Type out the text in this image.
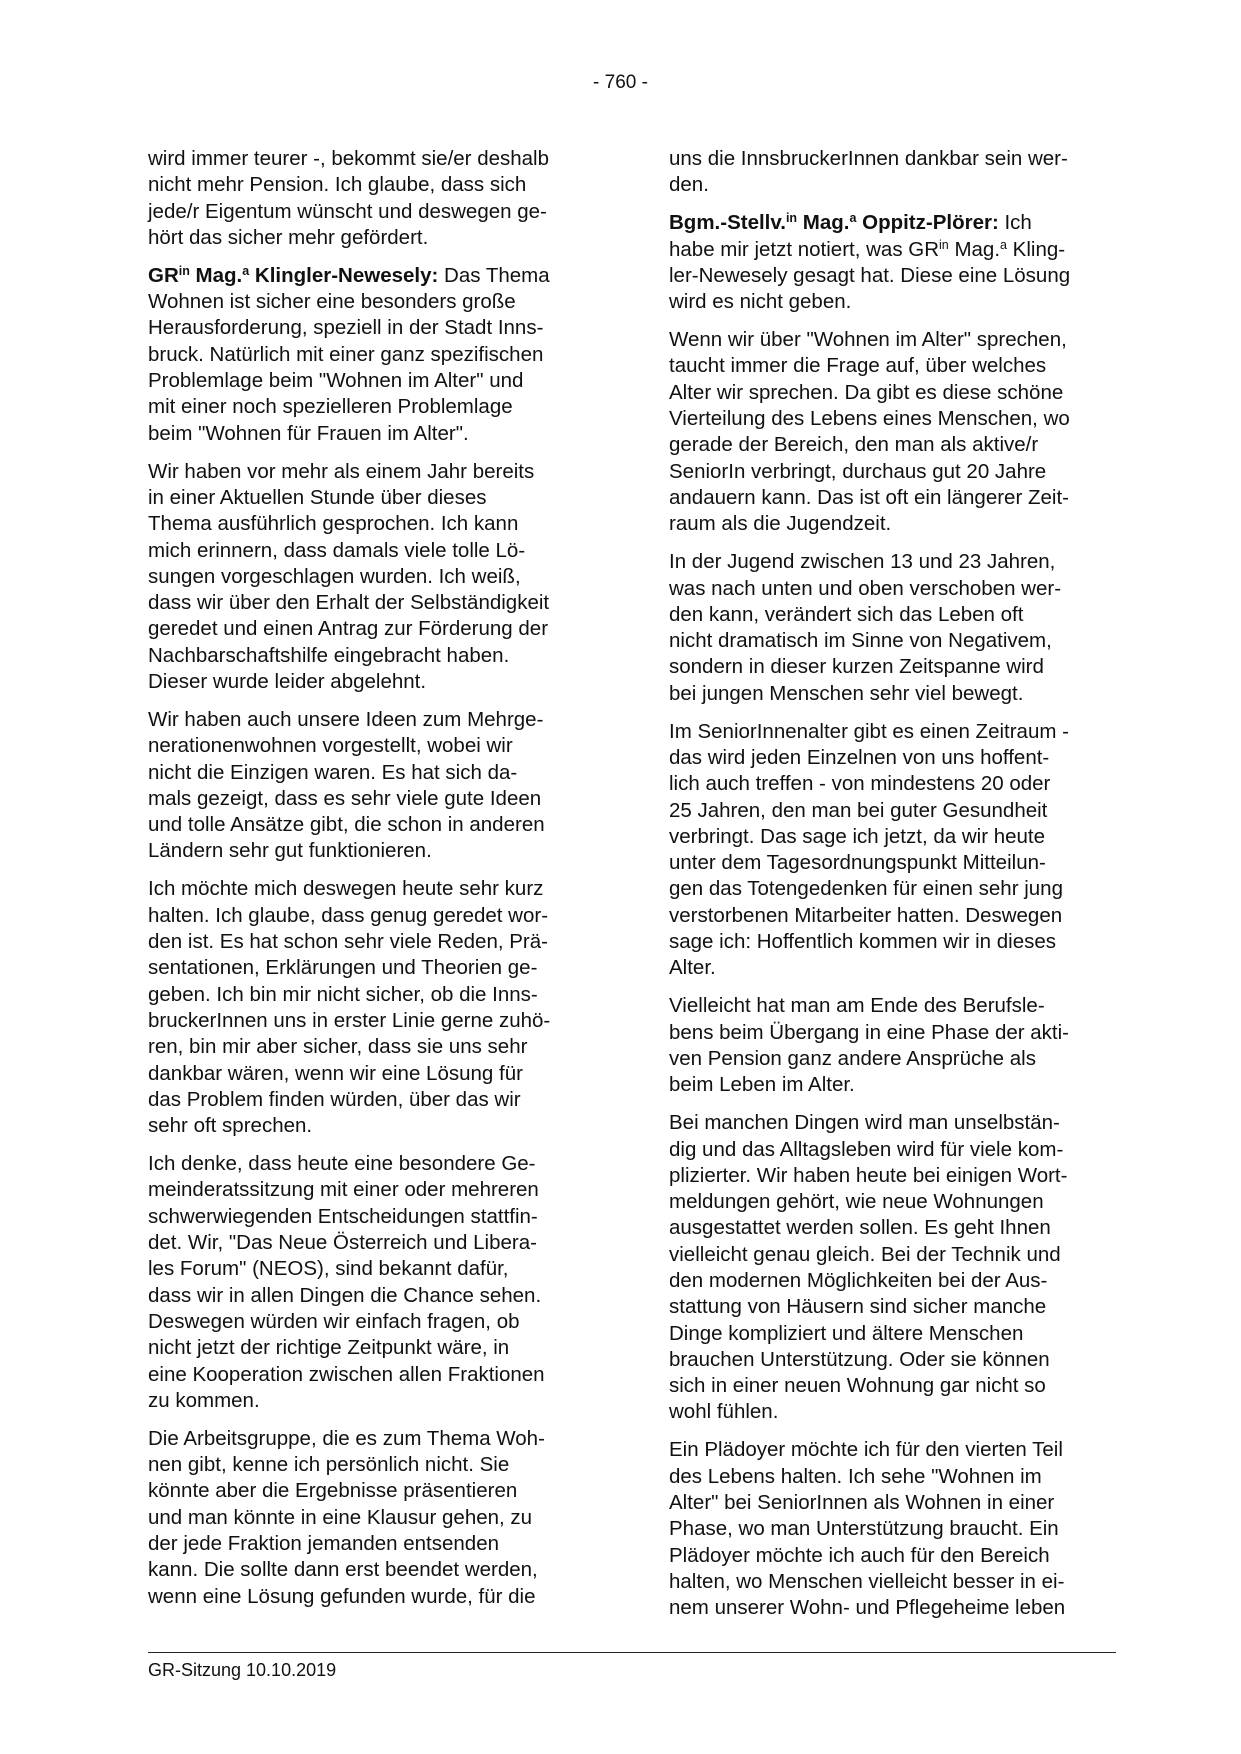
- 760 -

wird immer teurer -, bekommt sie/er deshalb
nicht mehr Pension. Ich glaube, dass sich
jede/r Eigentum wünscht und deswegen ge-
hört das sicher mehr gefördert.

$GR^{in}$ Mag.$^a$ Klingler-Newesely: Das Thema
Wohnen ist sicher eine besonders große
Herausforderung, speziell in der Stadt Inns-
bruck. Natürlich mit einer ganz spezifischen
Problemlage beim "Wohnen im Alter" und
mit einer noch spezielleren Problemlage
beim "Wohnen für Frauen im Alter".

Wir haben vor mehr als einem Jahr bereits
in einer Aktuellen Stunde über dieses
Thema ausführlich gesprochen. Ich kann
mich erinnern, dass damals viele tolle Lö-
sungen vorgeschlagen wurden. Ich weiß,
dass wir über den Erhalt der Selbständigkeit
geredet und einen Antrag zur Förderung der
Nachbarschaftshilfe eingebracht haben.
Dieser wurde leider abgelehnt.

Wir haben auch unsere Ideen zum Mehrge-
nerationenwohnen vorgestellt, wobei wir
nicht die Einzigen waren. Es hat sich da-
mals gezeigt, dass es sehr viele gute Ideen
und tolle Ansätze gibt, die schon in anderen
Ländern sehr gut funktionieren.

Ich möchte mich deswegen heute sehr kurz
halten. Ich glaube, dass genug geredet wor-
den ist. Es hat schon sehr viele Reden, Prä-
sentationen, Erklärungen und Theorien ge-
geben. Ich bin mir nicht sicher, ob die Inns-
bruckerInnen uns in erster Linie gerne zuhö-
ren, bin mir aber sicher, dass sie uns sehr
dankbar wären, wenn wir eine Lösung für
das Problem finden würden, über das wir
sehr oft sprechen.

Ich denke, dass heute eine besondere Ge-
meinderatssitzung mit einer oder mehreren
schwerwiegenden Entscheidungen stattfin-
det. Wir, "Das Neue Österreich und Libera-
les Forum" (NEOS), sind bekannt dafür,
dass wir in allen Dingen die Chance sehen.
Deswegen würden wir einfach fragen, ob
nicht jetzt der richtige Zeitpunkt wäre, in
eine Kooperation zwischen allen Fraktionen
zu kommen.

Die Arbeitsgruppe, die es zum Thema Woh-
nen gibt, kenne ich persönlich nicht. Sie
könnte aber die Ergebnisse präsentieren
und man könnte in eine Klausur gehen, zu
der jede Fraktion jemanden entsenden
kann. Die sollte dann erst beendet werden,
wenn eine Lösung gefunden wurde, für die

uns die InnsbruckerInnen dankbar sein wer-
den.

Bgm.-Stellv.$^{in}$ Mag.$^a$ Oppitz-Plörer: Ich
habe mir jetzt notiert, was $GR^{in}$ Mag.$^a$ Kling-
ler-Newesely gesagt hat. Diese eine Lösung
wird es nicht geben.

Wenn wir über "Wohnen im Alter" sprechen,
taucht immer die Frage auf, über welches
Alter wir sprechen. Da gibt es diese schöne
Vierteilung des Lebens eines Menschen, wo
gerade der Bereich, den man als aktive/r
SeniorIn verbringt, durchaus gut 20 Jahre
andauern kann. Das ist oft ein längerer Zeit-
raum als die Jugendzeit.

In der Jugend zwischen 13 und 23 Jahren,
was nach unten und oben verschoben wer-
den kann, verändert sich das Leben oft
nicht dramatisch im Sinne von Negativem,
sondern in dieser kurzen Zeitspanne wird
bei jungen Menschen sehr viel bewegt.

Im SeniorInnenalter gibt es einen Zeitraum -
das wird jeden Einzelnen von uns hoffent-
lich auch treffen - von mindestens 20 oder
25 Jahren, den man bei guter Gesundheit
verbringt. Das sage ich jetzt, da wir heute
unter dem Tagesordnungspunkt Mitteilun-
gen das Totengedenken für einen sehr jung
verstorbenen Mitarbeiter hatten. Deswegen
sage ich: Hoffentlich kommen wir in dieses
Alter.

Vielleicht hat man am Ende des Berufsle-
bens beim Übergang in eine Phase der akti-
ven Pension ganz andere Ansprüche als
beim Leben im Alter.

Bei manchen Dingen wird man unselbstän-
dig und das Alltagsleben wird für viele kom-
plizierter. Wir haben heute bei einigen Wort-
meldungen gehört, wie neue Wohnungen
ausgestattet werden sollen. Es geht Ihnen
vielleicht genau gleich. Bei der Technik und
den modernen Möglichkeiten bei der Aus-
stattung von Häusern sind sicher manche
Dinge kompliziert und ältere Menschen
brauchen Unterstützung. Oder sie können
sich in einer neuen Wohnung gar nicht so
wohl fühlen.

Ein Plädoyer möchte ich für den vierten Teil
des Lebens halten. Ich sehe "Wohnen im
Alter" bei SeniorInnen als Wohnen in einer
Phase, wo man Unterstützung braucht. Ein
Plädoyer möchte ich auch für den Bereich
halten, wo Menschen vielleicht besser in ei-
nem unserer Wohn- und Pflegeheime leben

GR-Sitzung 10.10.2019
